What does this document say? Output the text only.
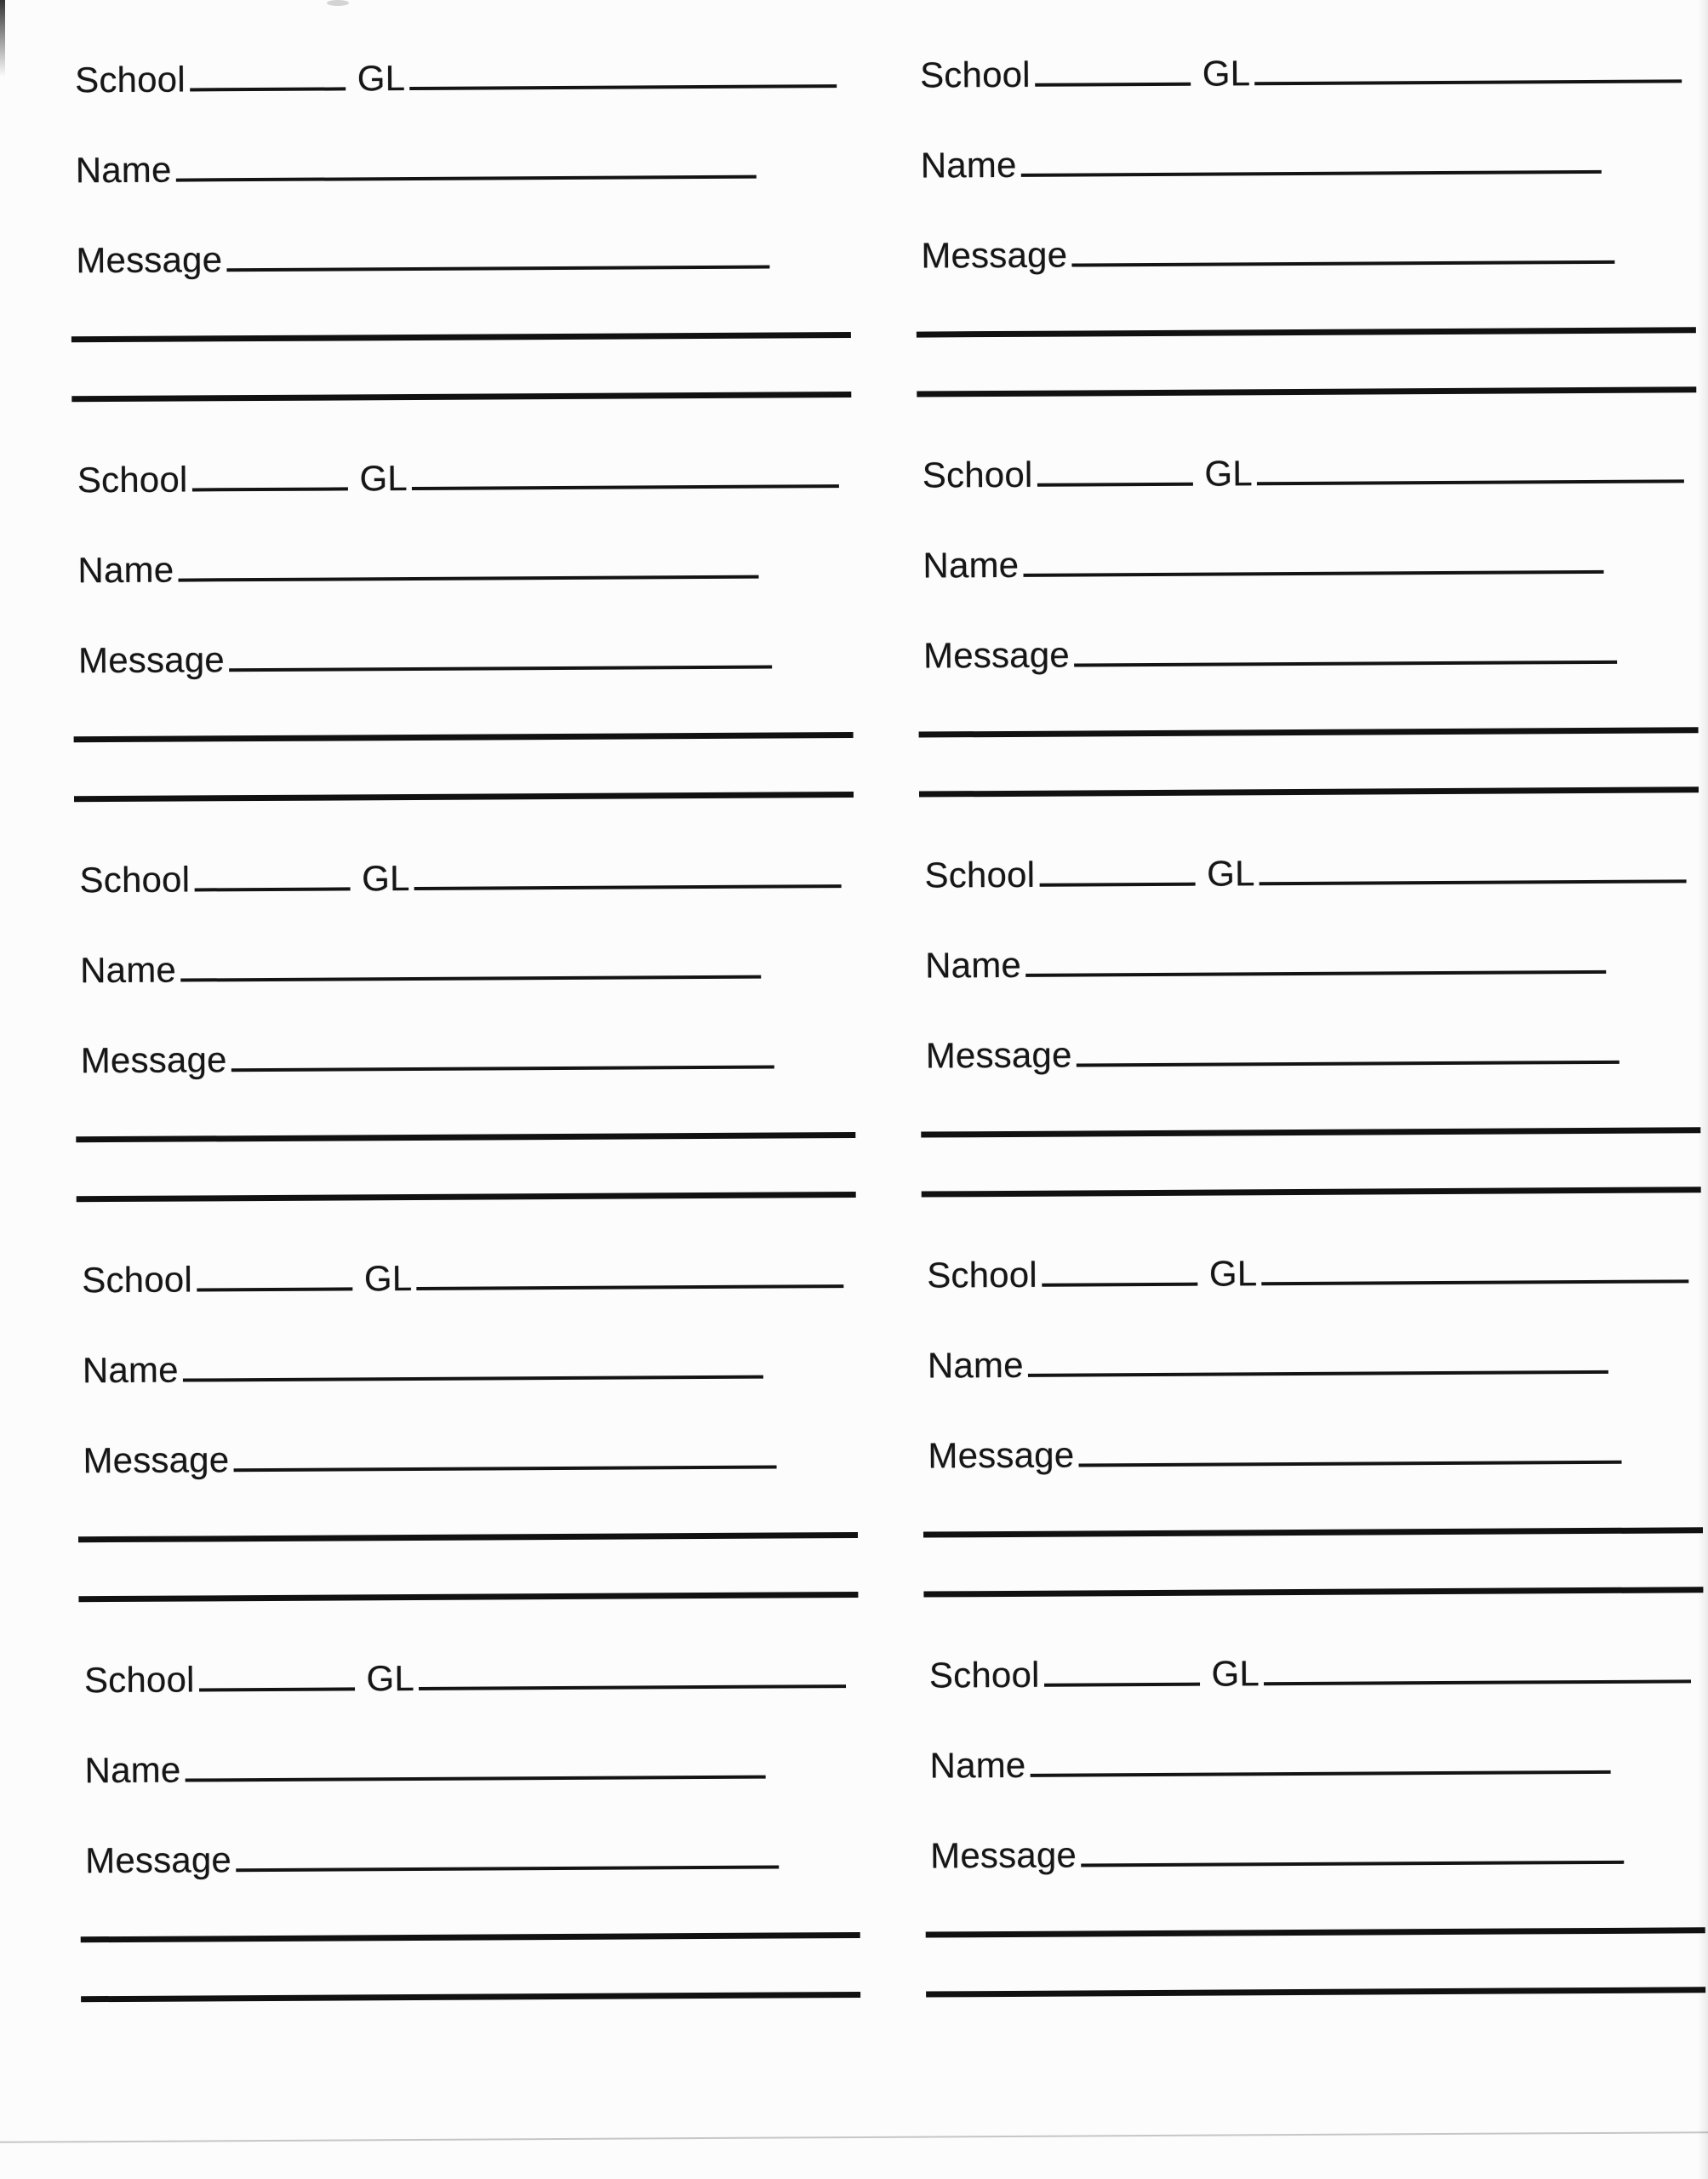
School	GL
Name
Message
School	GL
Name
Message
School	GL
Name
Message
School	GL
Name
Message
School	GL
Name
Message
School	GL
Name
Message
School	GL
Name
Message
School	GL
Name
Message
School	GL
Name
Message
School	GL
Name
Message
